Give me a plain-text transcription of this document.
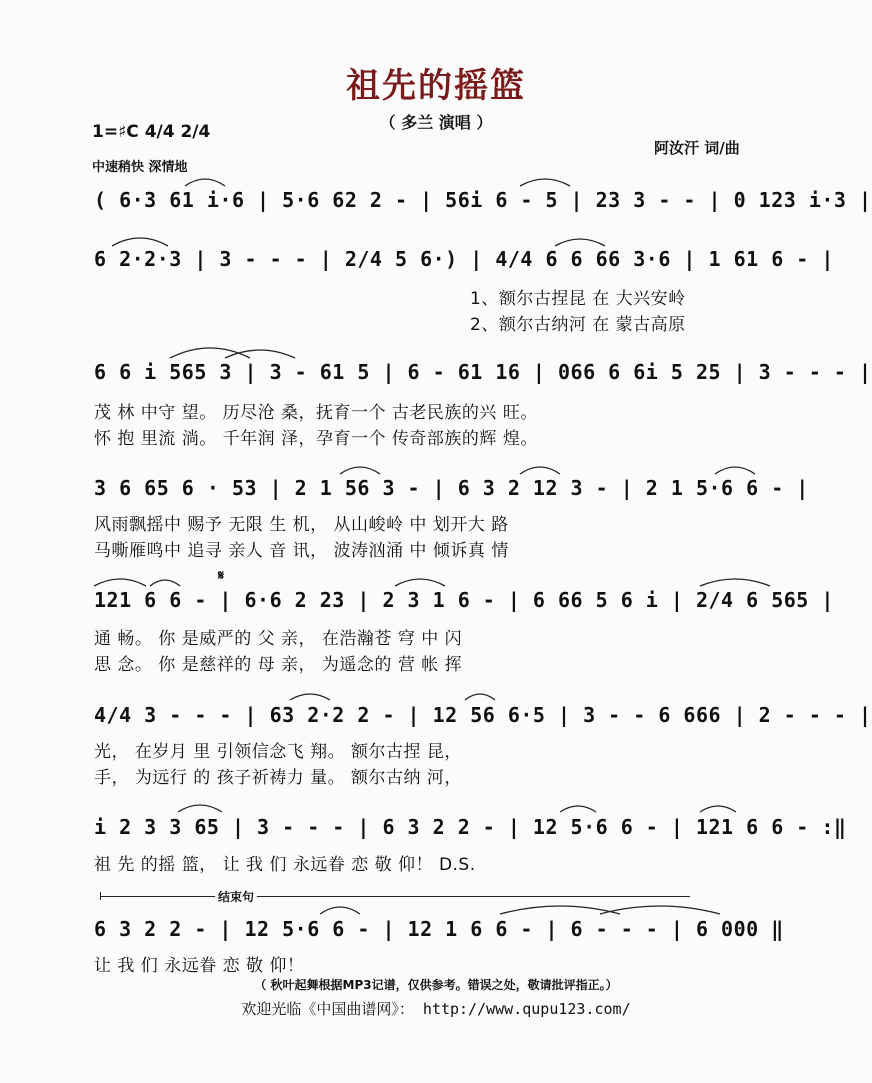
祖先的摇篮
（ 多兰 演唱 ）
1=♯C 4/4 2/4
中速稍快 深情地
阿汝汗 词/曲
( 6·3 61 i·6 | 5·6 62 2 - | 56i 6 - 5 | 23 3 - - | 0 123 i·3 |
6 2·2·3 | 3 - - - | 2/4 5 6·) | 4/4 6 6 66 3·6 | 1 61 6 - |
1、额尔古捏昆 在 大兴安岭
2、额尔古纳河 在 蒙古高原
6 6 i 565 3 | 3 - 61 5 | 6 - 61 16 | 066 6 6i 5 25 | 3 - - - |
茂 林 中守 望。 历尽沧 桑，抚育一个 古老民族的兴 旺。
怀 抱 里流 淌。 千年润 泽，孕育一个 传奇部族的辉 煌。
3 6 65 6 · 53 | 2 1 56 3 - | 6 3 2 12 3 - | 2 1 5·6 6 - |
风雨飘摇中 赐予 无限 生 机， 从山峻岭 中 划开大 路
马嘶雁鸣中 追寻 亲人 音 讯， 波涛汹涌 中 倾诉真 情
𝄋
121 6 6 - | 6·6 2 23 | 2 3 1 6 - | 6 66 5 6 i | 2/4 6 565 |
通 畅。 你 是威严的 父 亲， 在浩瀚苍 穹 中 闪
思 念。 你 是慈祥的 母 亲， 为遥念的 营 帐 挥
4/4 3 - - - | 63 2·2 2 - | 12 56 6·5 | 3 - - 6 666 | 2 - - - |
光， 在岁月 里 引领信念飞 翔。 额尔古捏 昆，
手， 为远行 的 孩子祈祷力 量。 额尔古纳 河，
i 2 3 3 65 | 3 - - - | 6 3 2 2 - | 12 5·6 6 - | 121 6 6 - :‖
祖 先 的摇 篮， 让 我 们 永远眷 恋 敬 仰！ D.S.
结束句
6 3 2 2 - | 12 5·6 6 - | 12 1 6 6 - | 6 - - - | 6 000 ‖
让 我 们 永远眷 恋 敬 仰！
（ 秋叶起舞根据MP3记谱，仅供参考。错误之处，敬请批评指正。）
欢迎光临《中国曲谱网》： http://www.qupu123.com/
